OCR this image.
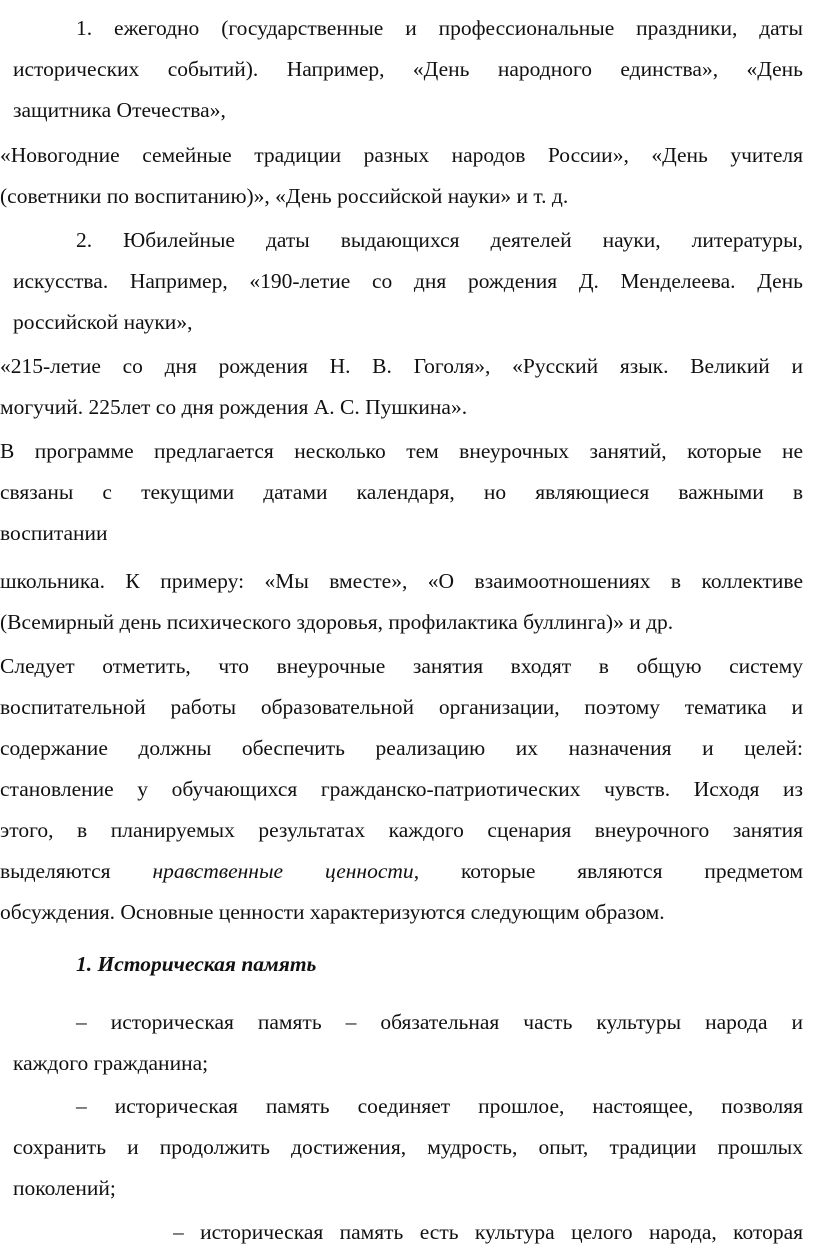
1. ежегодно (государственные и профессиональные праздники, даты
исторических событий). Например, «День народного единства», «День
защитника Отечества»,
«Новогодние семейные традиции разных народов России», «День учителя
(советники по воспитанию)», «День российской науки» и т. д.
2. Юбилейные даты выдающихся деятелей науки, литературы,
искусства. Например, «190-летие со дня рождения Д. Менделеева. День
российской науки»,
«215-летие со дня рождения Н. В. Гоголя», «Русский язык. Великий и
могучий. 225лет со дня рождения А. С. Пушкина».
В программе предлагается несколько тем внеурочных занятий, которые не
связаны с текущими датами календаря, но являющиеся важными в
воспитании
школьника. К примеру: «Мы вместе», «О взаимоотношениях в коллективе
(Всемирный день психического здоровья, профилактика буллинга)» и др.
Следует отметить, что внеурочные занятия входят в общую систему
воспитательной работы образовательной организации, поэтому тематика и
содержание должны обеспечить реализацию их назначения и целей:
становление у обучающихся гражданско-патриотических чувств. Исходя из
этого, в планируемых результатах каждого сценария внеурочного занятия
выделяются нравственные ценности, которые являются предметом
обсуждения. Основные ценности характеризуются следующим образом.
1. Историческая память
– историческая память – обязательная часть культуры народа и
каждого гражданина;
– историческая память соединяет прошлое, настоящее, позволяя
сохранить и продолжить достижения, мудрость, опыт, традиции прошлых
поколений;
– историческая память есть культура целого народа, которая
